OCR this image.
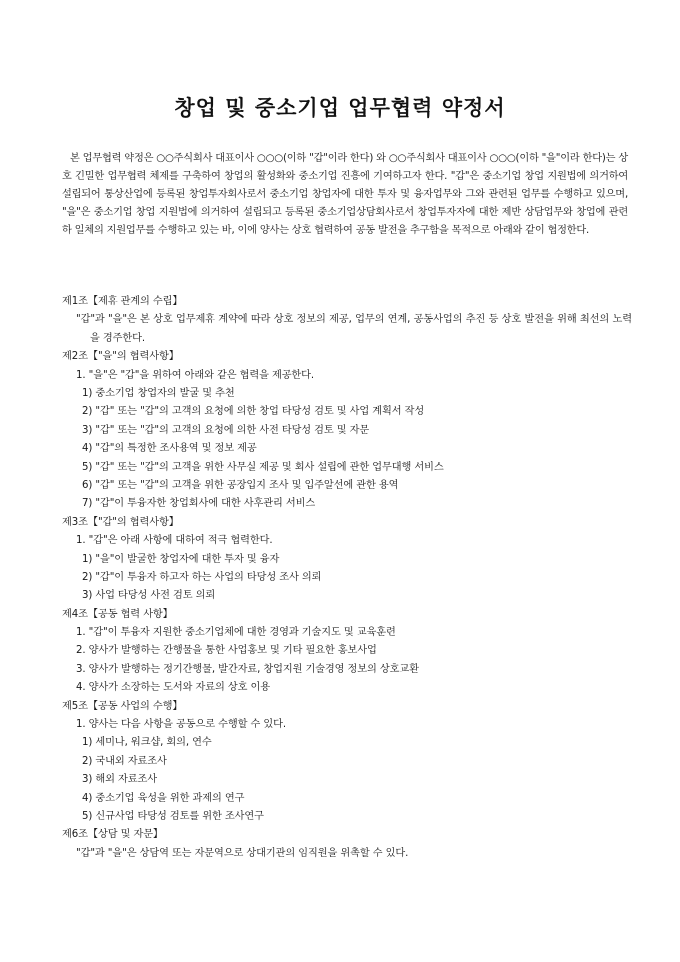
창업 및 중소기업 업무협력 약정서

본 업무협력 약정은 ○○주식회사 대표이사 ○○○(이하 "갑"이라 한다) 와 ○○주식회사 대표이사 ○○○(이하 "을"이라 한다)는 상호 긴밀한 업무협력 체제를 구축하여 창업의 활성화와 중소기업 진흥에 기여하고자 한다. "갑"은 중소기업 창업 지원법에 의거하여 설립되어 통상산업에 등록된 창업투자회사로서 중소기업 창업자에 대한 투자 및 융자업무와 그와 관련된 업무를 수행하고 있으며, "을"은 중소기업 창업 지원법에 의거하여 설립되고 등록된 중소기업상담회사로서 창업투자자에 대한 제반 상담업무와 창업에 관련하 일체의 지원업무를 수행하고 있는 바, 이에 양사는 상호 협력하여 공동 발전을 추구함을 목적으로 아래와 같이 협정한다.

제1조【제휴 관계의 수립】
"갑"과 "을"은 본 상호 업무제휴 계약에 따라 상호 정보의 제공, 업무의 연계, 공동사업의 추진 등 상호 발전을 위해 최선의 노력을 경주한다.
제2조【"을"의 협력사항】
1. "을"은 "갑"을 위하여 아래와 같은 협력을 제공한다.
1) 중소기업 창업자의 발굴 및 추천
2) "갑" 또는 "갑"의 고객의 요청에 의한 창업 타당성 검토 및 사업 계획서 작성
3) "갑" 또는 "갑"의 고객의 요청에 의한 사전 타당성 검토 및 자문
4) "갑"의 특정한 조사용역 및 정보 제공
5) "갑" 또는 "갑"의 고객을 위한 사무실 제공 및 회사 설립에 관한 업무대행 서비스
6) "갑" 또는 "갑"의 고객을 위한 공장입지 조사 및 입주알선에 관한 용역
7) "갑"이 투융자한 창업회사에 대한 사후관리 서비스
제3조【"갑"의 협력사항】
1. "갑"은 아래 사항에 대하여 적극 협력한다.
1) "을"이 발굴한 창업자에 대한 투자 및 융자
2) "갑"이 투융자 하고자 하는 사업의 타당성 조사 의뢰
3) 사업 타당성 사전 검토 의뢰
제4조【공동 협력 사항】
1. "갑"이 투융자 지원한 중소기업체에 대한 경영과 기술지도 및 교육훈련
2. 양사가 발행하는 간행물을 통한 사업홍보 및 기타 필요한 홍보사업
3. 양사가 발행하는 정기간행물, 발간자료, 창업지원 기술경영 정보의 상호교환
4. 양사가 소장하는 도서와 자료의 상호 이용
제5조【공동 사업의 수행】
1. 양사는 다음 사항을 공동으로 수행할 수 있다.
1) 세미나, 워크샵, 회의, 연수
2) 국내외 자료조사
3) 해외 자료조사
4) 중소기업 육성을 위한 과제의 연구
5) 신규사업 타당성 검토를 위한 조사연구
제6조【상담 및 자문】
"갑"과 "을"은 상담역 또는 자문역으로 상대기관의 임직원을 위촉할 수 있다.
